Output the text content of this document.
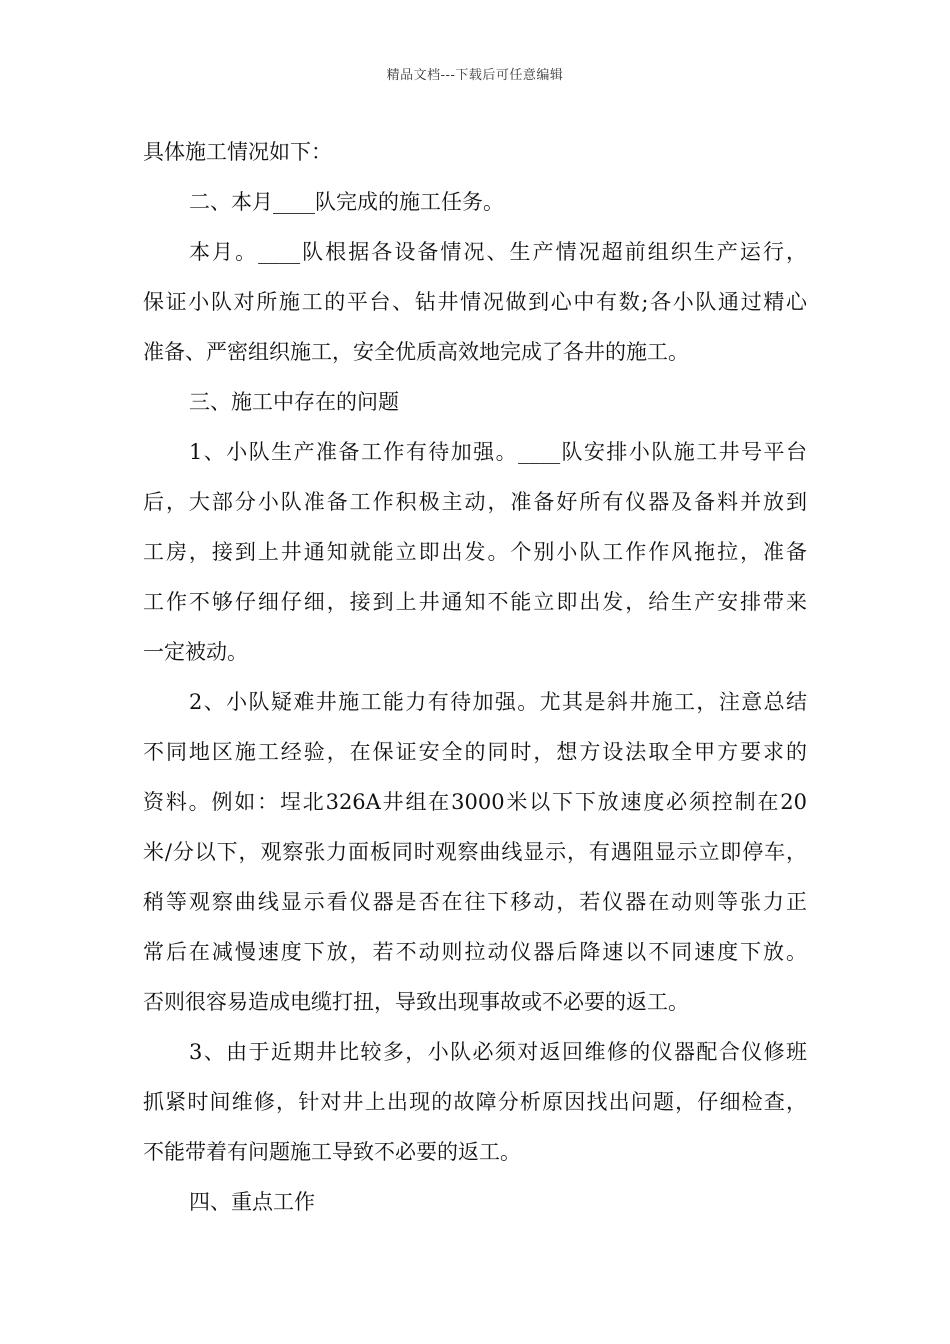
精品文档---下载后可任意编辑
具体施工情况如下：
二、本月____队完成的施工任务。
本月。____队根据各设备情况、生产情况超前组织生产运行，
保证小队对所施工的平台、钻井情况做到心中有数;各小队通过精心
准备、严密组织施工，安全优质高效地完成了各井的施工。
三、施工中存在的问题
1、小队生产准备工作有待加强。____队安排小队施工井号平台
后，大部分小队准备工作积极主动，准备好所有仪器及备料并放到
工房，接到上井通知就能立即出发。个别小队工作作风拖拉，准备
工作不够仔细仔细，接到上井通知不能立即出发，给生产安排带来
一定被动。
2、小队疑难井施工能力有待加强。尤其是斜井施工，注意总结
不同地区施工经验，在保证安全的同时，想方设法取全甲方要求的
资料。例如：埕北326A井组在3000米以下下放速度必须控制在20
米/分以下，观察张力面板同时观察曲线显示，有遇阻显示立即停车，
稍等观察曲线显示看仪器是否在往下移动，若仪器在动则等张力正
常后在减慢速度下放，若不动则拉动仪器后降速以不同速度下放。
否则很容易造成电缆打扭，导致出现事故或不必要的返工。
3、由于近期井比较多，小队必须对返回维修的仪器配合仪修班
抓紧时间维修，针对井上出现的故障分析原因找出问题，仔细检查，
不能带着有问题施工导致不必要的返工。
四、重点工作
